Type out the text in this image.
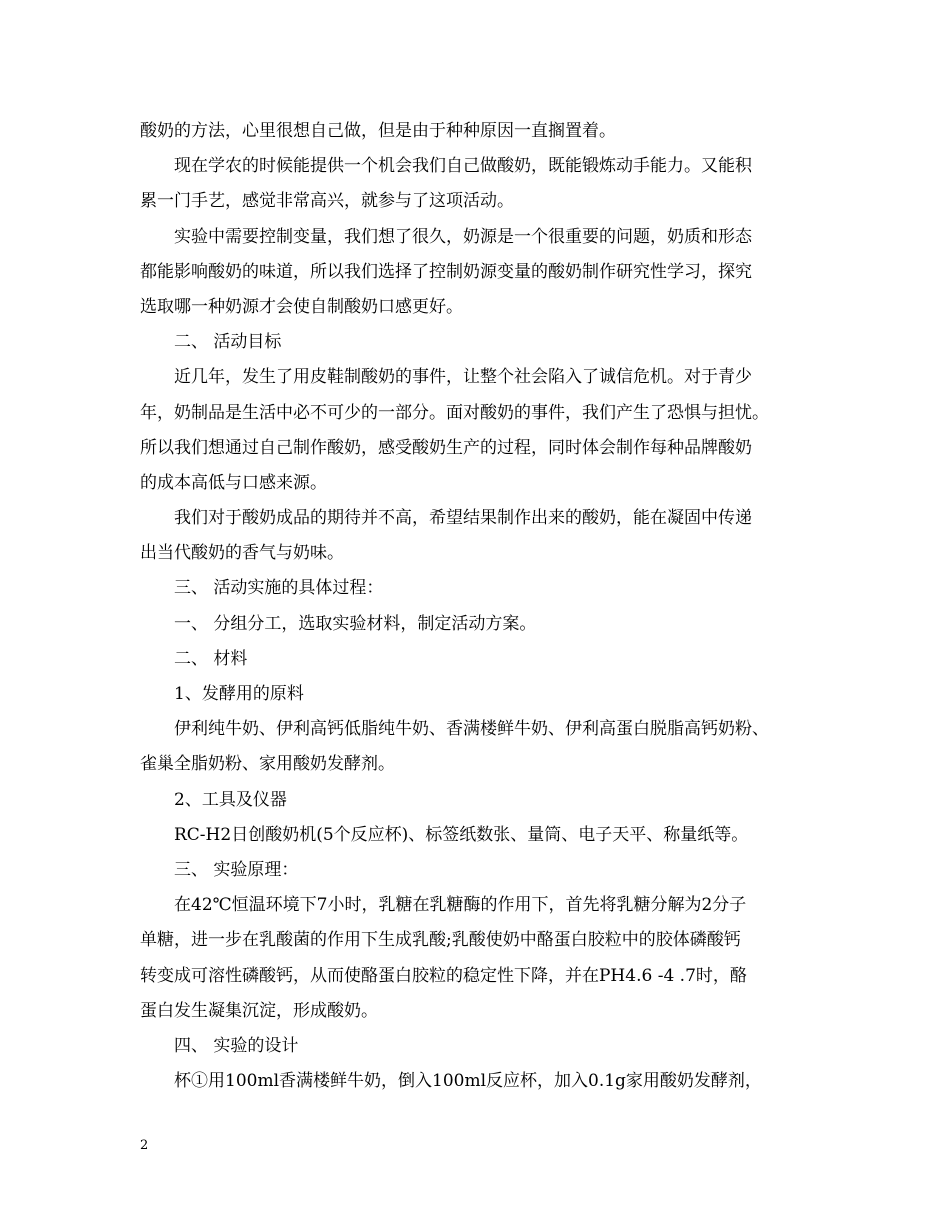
酸奶的方法，心里很想自己做，但是由于种种原因一直搁置着。
现在学农的时候能提供一个机会我们自己做酸奶，既能锻炼动手能力。又能积
累一门手艺，感觉非常高兴，就参与了这项活动。
实验中需要控制变量，我们想了很久，奶源是一个很重要的问题，奶质和形态
都能影响酸奶的味道，所以我们选择了控制奶源变量的酸奶制作研究性学习，探究
选取哪一种奶源才会使自制酸奶口感更好。
二、 活动目标
近几年，发生了用皮鞋制酸奶的事件，让整个社会陷入了诚信危机。对于青少
年，奶制品是生活中必不可少的一部分。面对酸奶的事件，我们产生了恐惧与担忧。
所以我们想通过自己制作酸奶，感受酸奶生产的过程，同时体会制作每种品牌酸奶
的成本高低与口感来源。
我们对于酸奶成品的期待并不高，希望结果制作出来的酸奶，能在凝固中传递
出当代酸奶的香气与奶味。
三、 活动实施的具体过程：
一、 分组分工，选取实验材料，制定活动方案。
二、 材料
1、发酵用的原料
伊利纯牛奶、伊利高钙低脂纯牛奶、香满楼鲜牛奶、伊利高蛋白脱脂高钙奶粉、
雀巢全脂奶粉、家用酸奶发酵剂。
2、工具及仪器
RC-H2日创酸奶机(5个反应杯)、标签纸数张、量筒、电子天平、称量纸等。
三、 实验原理：
在42℃恒温环境下7小时，乳糖在乳糖酶的作用下，首先将乳糖分解为2分子
单糖，进一步在乳酸菌的作用下生成乳酸;乳酸使奶中酪蛋白胶粒中的胶体磷酸钙
转变成可溶性磷酸钙，从而使酪蛋白胶粒的稳定性下降，并在PH4.6 -4 .7时，酪
蛋白发生凝集沉淀，形成酸奶。
四、 实验的设计
杯①用100ml香满楼鲜牛奶，倒入100ml反应杯，加入0.1g家用酸奶发酵剂，
2
